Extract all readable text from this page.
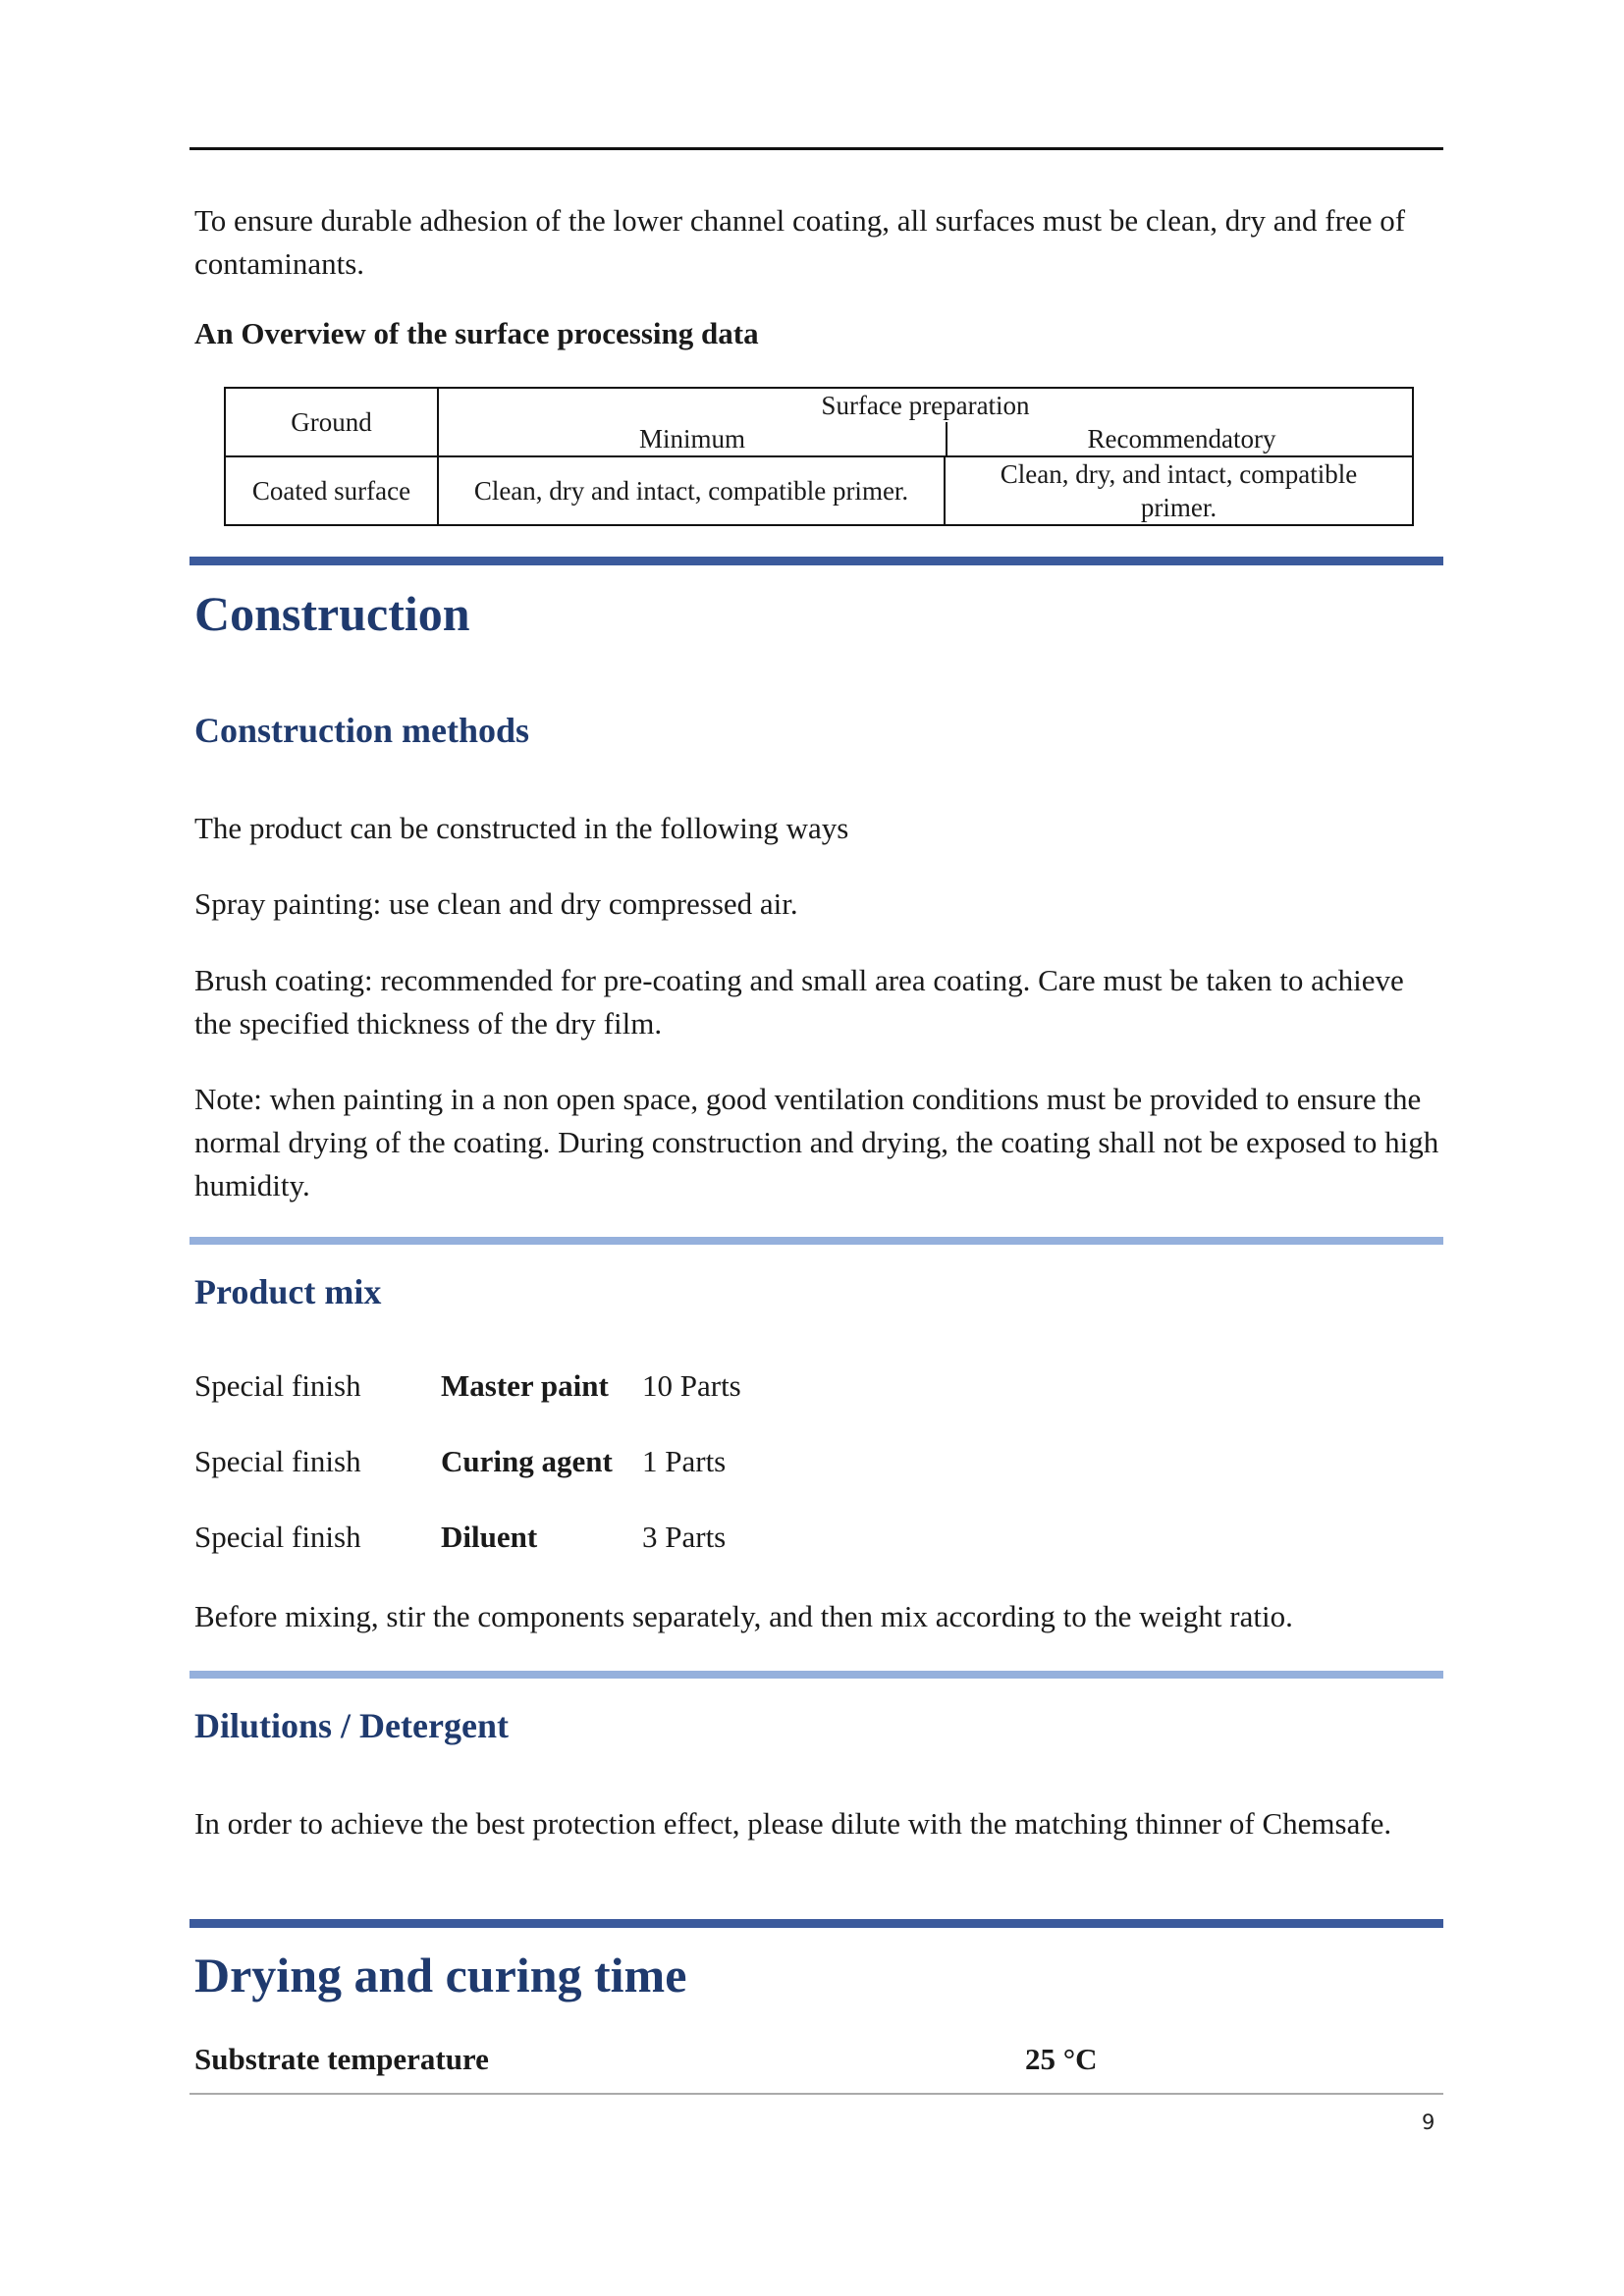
To ensure durable adhesion of the lower channel coating, all surfaces must be clean, dry and free of contaminants.

An Overview of the surface processing data

Ground	Surface preparation
Minimum Recommendatory	

Coated surface	Clean, dry and intact, compatible primer.	Clean, dry, and intact, compatible primer.
Construction
Construction methods

The product can be constructed in the following ways

Spray painting: use clean and dry compressed air.

Brush coating: recommended for pre-coating and small area coating. Care must be taken to achieve the specified thickness of the dry film.

Note: when painting in a non open space, good ventilation conditions must be provided to ensure the normal drying of the coating. During construction and drying, the coating shall not be exposed to high humidity.

Product mix
Special finish	Master paint 10 Parts
Special finish	Curing agent 1 Parts
Special finish	Diluent	3 Parts

Before mixing, stir the components separately, and then mix according to the weight ratio.

Dilutions / Detergent

In order to achieve the best protection effect, please dilute with the matching thinner of Chemsafe.

Drying and curing time
Substrate temperature	25 °C
9
